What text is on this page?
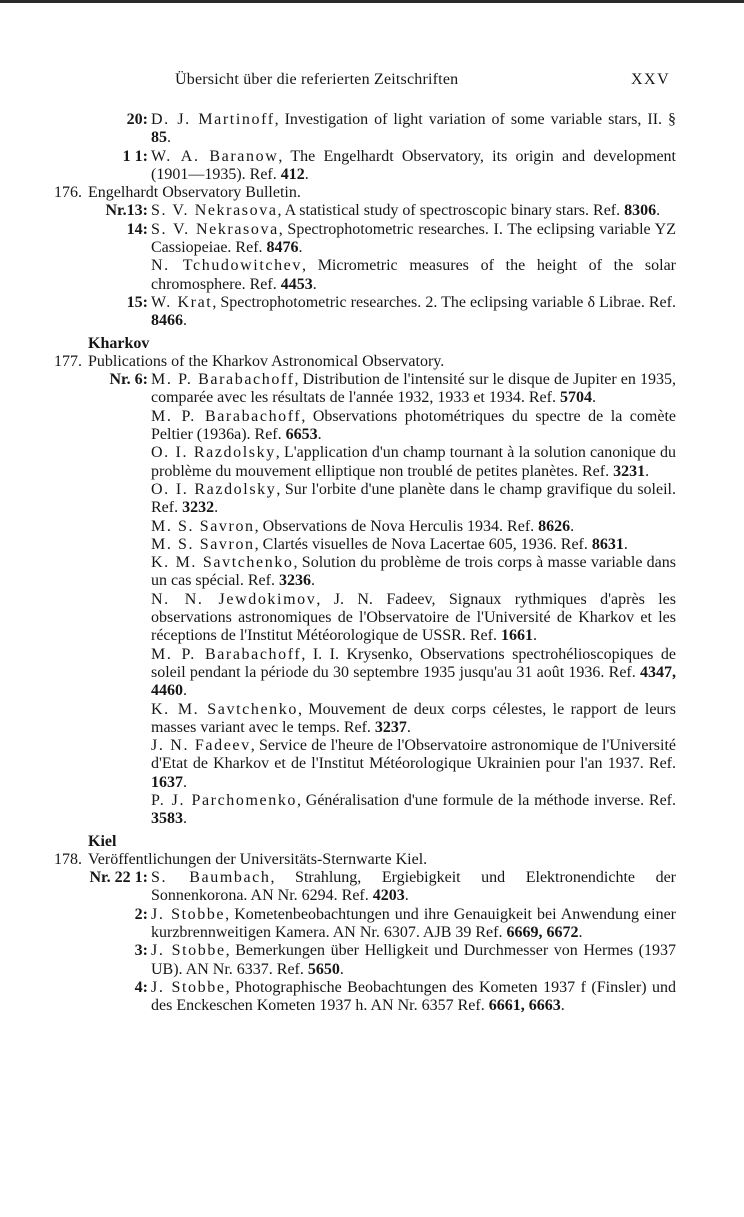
Übersicht über die referierten Zeitschriften	XXV
20: D. J. Martinoff, Investigation of light variation of some variable stars, II. § 85.
1 1: W. A. Baranow, The Engelhardt Observatory, its origin and development (1901—1935). Ref. 412.
176. Engelhardt Observatory Bulletin.
Nr.13: S. V. Nekrasova, A statistical study of spectroscopic binary stars. Ref. 8306.
14: S. V. Nekrasova, Spectrophotometric researches. I. The eclipsing variable YZ Cassiopeiae. Ref. 8476.
N. Tchudowitchev, Micrometric measures of the height of the solar chromosphere. Ref. 4453.
15: W. Krat, Spectrophotometric researches. 2. The eclipsing variable δ Librae. Ref. 8466.
Kharkov
177. Publications of the Kharkov Astronomical Observatory.
Nr. 6: M. P. Barabachoff, Distribution de l'intensité sur le disque de Jupiter en 1935, comparée avec les résultats de l'année 1932, 1933 et 1934. Ref. 5704.
M. P. Barabachoff, Observations photométriques du spectre de la comète Peltier (1936a). Ref. 6653.
O. I. Razdolsky, L'application d'un champ tournant à la solution canonique du problème du mouvement elliptique non troublé de petites planètes. Ref. 3231.
O. I. Razdolsky, Sur l'orbite d'une planète dans le champ gravifique du soleil. Ref. 3232.
M. S. Savron, Observations de Nova Herculis 1934. Ref. 8626.
M. S. Savron, Clartés visuelles de Nova Lacertae 605, 1936. Ref. 8631.
K. M. Savtchenko, Solution du problème de trois corps à masse variable dans un cas spécial. Ref. 3236.
N. N. Jewdokimov, J. N. Fadeev, Signaux rythmiques d'après les observations astronomiques de l'Observatoire de l'Université de Kharkov et les réceptions de l'Institut Météorologique de USSR. Ref. 1661.
M. P. Barabachoff, I. I. Krysenko, Observations spectrohélioscopiques de soleil pendant la période du 30 septembre 1935 jusqu'au 31 août 1936. Ref. 4347, 4460.
K. M. Savtchenko, Mouvement de deux corps célestes, le rapport de leurs masses variant avec le temps. Ref. 3237.
J. N. Fadeev, Service de l'heure de l'Observatoire astronomique de l'Université d'Etat de Kharkov et de l'Institut Météorologique Ukrainien pour l'an 1937. Ref. 1637.
P. J. Parchomenko, Généralisation d'une formule de la méthode inverse. Ref. 3583.
Kiel
178. Veröffentlichungen der Universitäts-Sternwarte Kiel.
Nr. 22 1: S. Baumbach, Strahlung, Ergiebigkeit und Elektronendichte der Sonnenkorona. AN Nr. 6294. Ref. 4203.
2: J. Stobbe, Kometenbeobachtungen und ihre Genauigkeit bei Anwendung einer kurzbrennweitigen Kamera. AN Nr. 6307. AJB 39 Ref. 6669, 6672.
3: J. Stobbe, Bemerkungen über Helligkeit und Durchmesser von Hermes (1937 UB). AN Nr. 6337. Ref. 5650.
4: J. Stobbe, Photographische Beobachtungen des Kometen 1937 f (Finsler) und des Enckeschen Kometen 1937 h. AN Nr. 6357 Ref. 6661, 6663.
